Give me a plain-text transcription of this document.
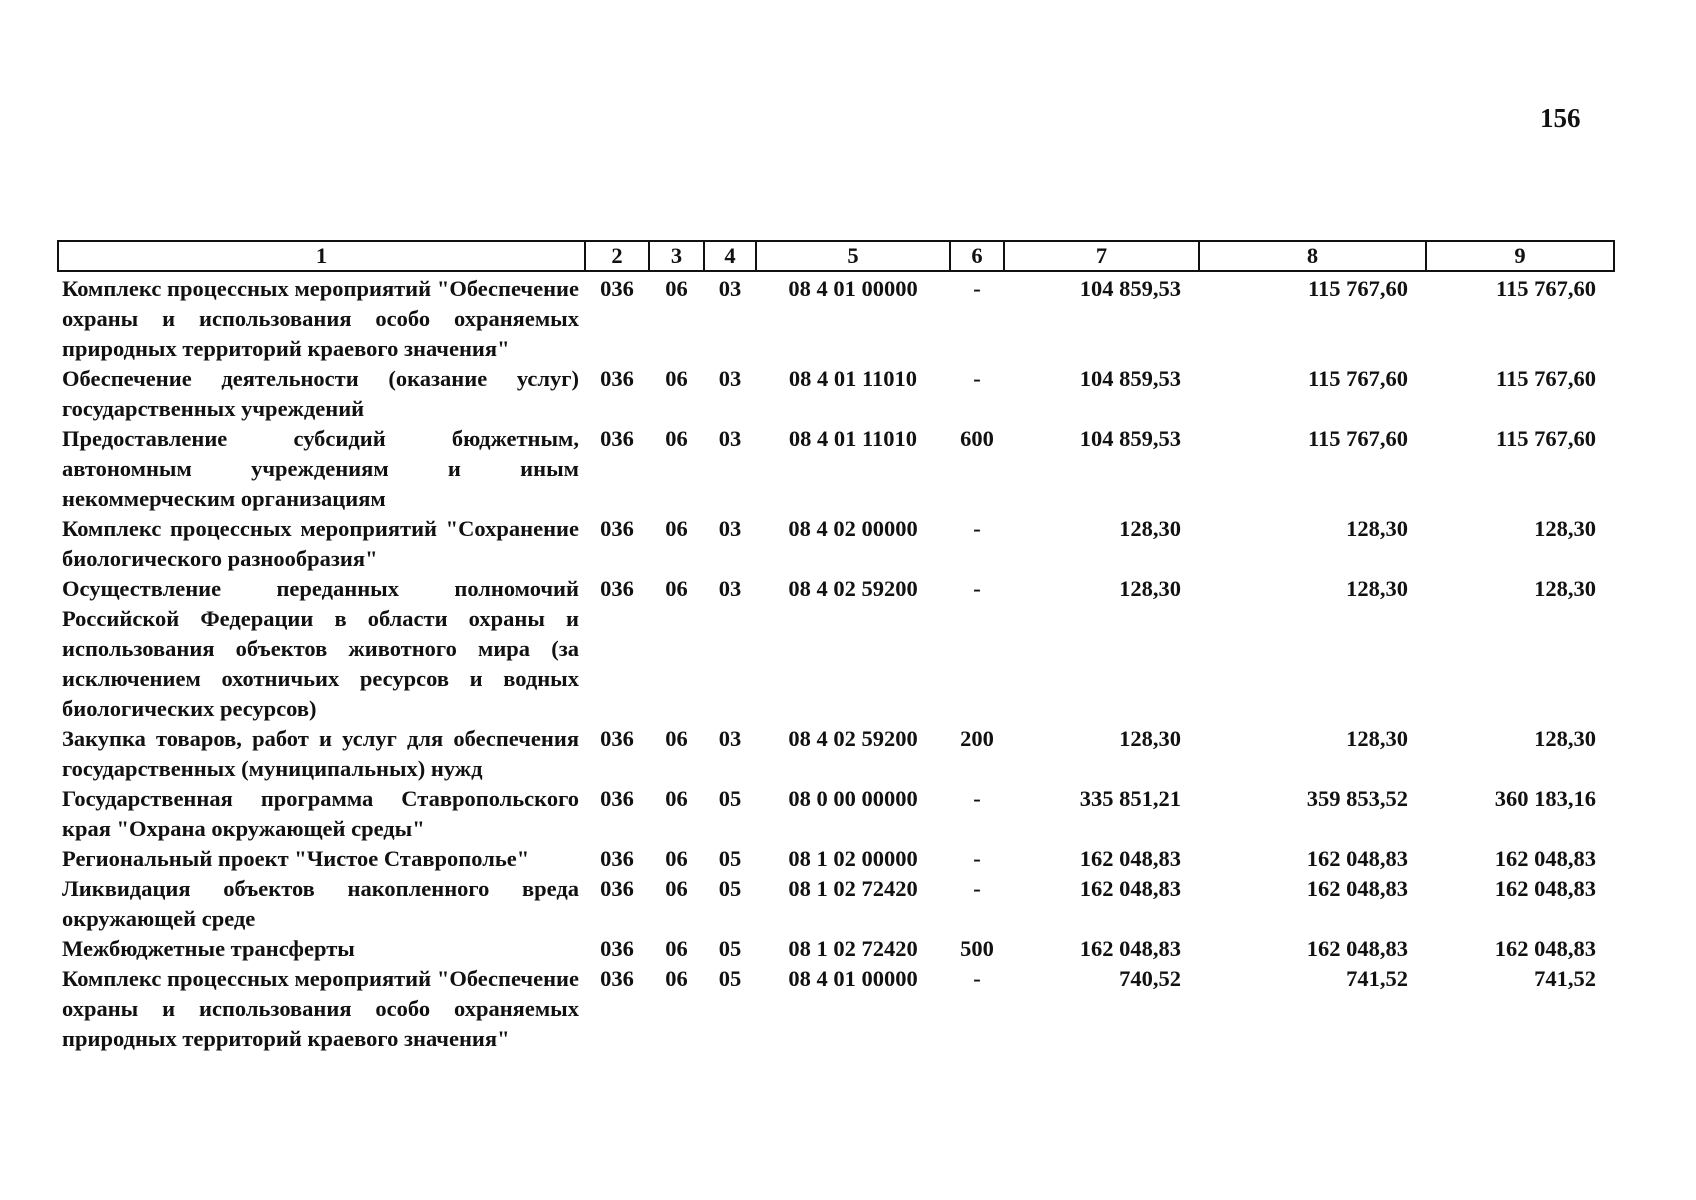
156
1	2	3	4	5	6	7	8	9
Комплекс процессных мероприятий "Обеспечение охраны и использования особо охраняемых природных территорий краевого значения"	036	06	03	08 4 01 00000	-	104 859,53	115 767,60	115 767,60
Обеспечение деятельности (оказание услуг) государственных учреждений	036	06	03	08 4 01 11010	-	104 859,53	115 767,60	115 767,60
Предоставление субсидий бюджетным, автономным учреждениям и иным некоммерческим организациям	036	06	03	08 4 01 11010	600	104 859,53	115 767,60	115 767,60
Комплекс процессных мероприятий "Сохранение биологического разнообразия"	036	06	03	08 4 02 00000	-	128,30	128,30	128,30
Осуществление переданных полномочий Российской Федерации в области охраны и использования объектов животного мира (за исключением охотничьих ресурсов и водных биологических ресурсов)	036	06	03	08 4 02 59200	-	128,30	128,30	128,30
Закупка товаров, работ и услуг для обеспечения государственных (муниципальных) нужд	036	06	03	08 4 02 59200	200	128,30	128,30	128,30
Государственная программа Ставропольского края "Охрана окружающей среды"	036	06	05	08 0 00 00000	-	335 851,21	359 853,52	360 183,16
Региональный проект "Чистое Ставрополье"	036	06	05	08 1 02 00000	-	162 048,83	162 048,83	162 048,83
Ликвидация объектов накопленного вреда окружающей среде	036	06	05	08 1 02 72420	-	162 048,83	162 048,83	162 048,83
Межбюджетные трансферты	036	06	05	08 1 02 72420	500	162 048,83	162 048,83	162 048,83
Комплекс процессных мероприятий "Обеспечение охраны и использования особо охраняемых природных территорий краевого значения"	036	06	05	08 4 01 00000	-	740,52	741,52	741,52
